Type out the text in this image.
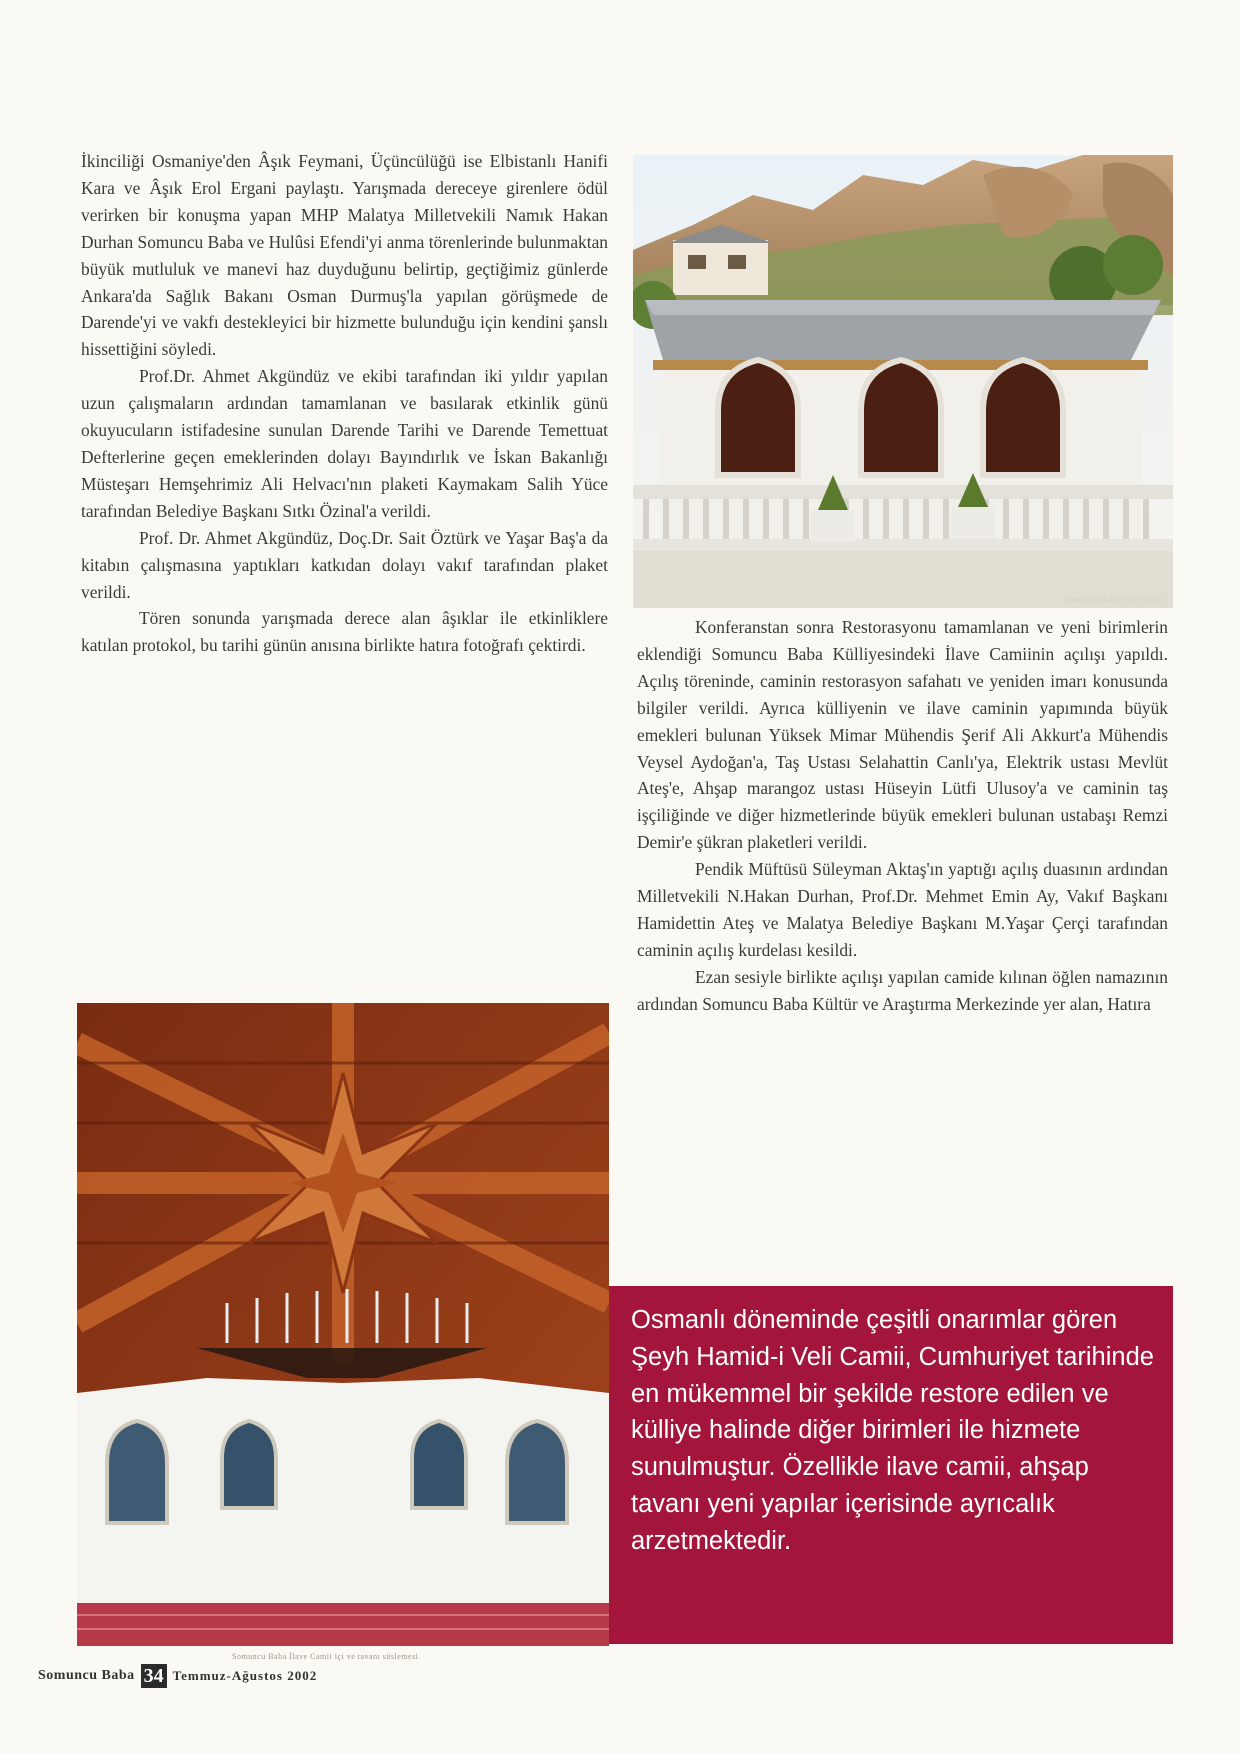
İkinciliği Osmaniye'den Âşık Feymani, Üçüncülüğü ise Elbistanlı Hanifi Kara ve Âşık Erol Ergani paylaştı. Yarışmada dereceye girenlere ödül verirken bir konuşma yapan MHP Malatya Milletvekili Namık Hakan Durhan Somuncu Baba ve Hulûsi Efendi'yi anma törenlerinde bulunmaktan büyük mutluluk ve manevi haz duyduğunu belirtip, geçtiğimiz günlerde Ankara'da Sağlık Bakanı Osman Durmuş'la yapılan görüşmede de Darende'yi ve vakfı destekleyici bir hizmette bulunduğu için kendini şanslı hissettiğini söyledi.

Prof.Dr. Ahmet Akgündüz ve ekibi tarafından iki yıldır yapılan uzun çalışmaların ardından tamamlanan ve basılarak etkinlik günü okuyucuların istifadesine sunulan Darende Tarihi ve Darende Temettuat Defterlerine geçen emeklerinden dolayı Bayındırlık ve İskan Bakanlığı Müsteşarı Hemşehrimiz Ali Helvacı'nın plaketi Kaymakam Salih Yüce tarafından Belediye Başkanı Sıtkı Özinal'a verildi.

Prof. Dr. Ahmet Akgündüz, Doç.Dr. Sait Öztürk ve Yaşar Baş'a da kitabın çalışmasına yaptıkları katkıdan dolayı vakıf tarafından plaket verildi.

Tören sonunda yarışmada derece alan âşıklar ile etkinliklere katılan protokol, bu tarihi günün anısına birlikte hatıra fotoğrafı çektirdi.

Somuncu Baba İlave Camii

Konferanstan sonra Restorasyonu tamamlanan ve yeni birimlerin eklendiği Somuncu Baba Külliyesindeki İlave Camiinin açılışı yapıldı. Açılış töreninde, caminin restorasyon safahatı ve yeniden imarı konusunda bilgiler verildi. Ayrıca külliyenin ve ilave caminin yapımında büyük emekleri bulunan Yüksek Mimar Mühendis Şerif Ali Akkurt'a Mühendis Veysel Aydoğan'a, Taş Ustası Selahattin Canlı'ya, Elektrik ustası Mevlüt Ateş'e, Ahşap marangoz ustası Hüseyin Lütfi Ulusoy'a ve caminin taş işçiliğinde ve diğer hizmetlerinde büyük emekleri bulunan ustabaşı Remzi Demir'e şükran plaketleri verildi.

Pendik Müftüsü Süleyman Aktaş'ın yaptığı açılış duasının ardından Milletvekili N.Hakan Durhan, Prof.Dr. Mehmet Emin Ay, Vakıf Başkanı Hamidettin Ateş ve Malatya Belediye Başkanı M.Yaşar Çerçi tarafından caminin açılış kurdelası kesildi.

Ezan sesiyle birlikte açılışı yapılan camide kılınan öğlen namazının ardından Somuncu Baba Kültür ve Araştırma Merkezinde yer alan, Hatıra

Somuncu Baba İlave Camii içi ve tavanı süslemesi
Osmanlı döneminde çeşitli onarımlar gören Şeyh Hamid-i Veli Camii, Cumhuriyet tarihinde en mükemmel bir şekilde restore edilen ve külliye halinde diğer birimleri ile hizmete sunulmuştur. Özellikle ilave camii, ahşap tavanı yeni yapılar içerisinde ayrıcalık arzetmektedir.
Somuncu Baba 34 Temmuz-Ağustos 2002
